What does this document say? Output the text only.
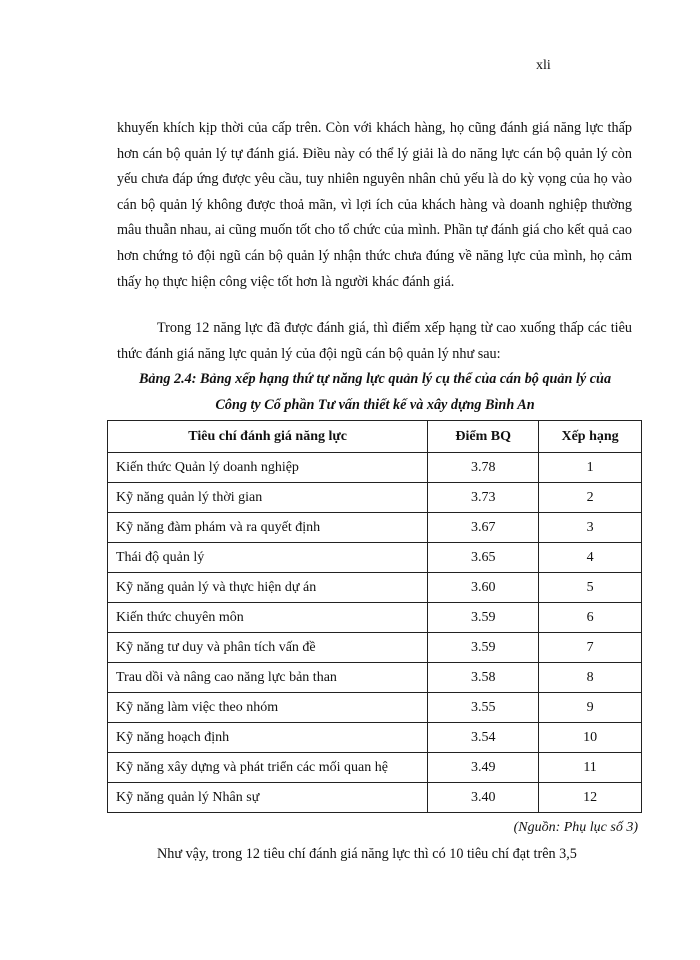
xli

khuyến khích kịp thời của cấp trên. Còn với khách hàng, họ cũng đánh giá năng lực thấp hơn cán bộ quản lý tự đánh giá. Điều này có thể lý giải là do năng lực cán bộ quản lý còn yếu chưa đáp ứng được yêu cầu, tuy nhiên nguyên nhân chủ yếu là do kỳ vọng của họ vào cán bộ quản lý không được thoả mãn, vì lợi ích của khách hàng và doanh nghiệp thường mâu thuẫn nhau, ai cũng muốn tốt cho tổ chức của mình. Phần tự đánh giá cho kết quả cao hơn chứng tỏ đội ngũ cán bộ quản lý nhận thức chưa đúng về năng lực của mình, họ cảm thấy họ thực hiện công việc tốt hơn là người khác đánh giá.

Trong 12 năng lực đã được đánh giá, thì điểm xếp hạng từ cao xuống thấp các tiêu thức đánh giá năng lực quản lý của đội ngũ cán bộ quản lý như sau:

Bảng 2.4: Bảng xếp hạng thứ tự năng lực quản lý cụ thể của cán bộ quản lý của

Công ty Cổ phần Tư vấn thiết kế và xây dựng Bình An

Tiêu chí đánh giá năng lực	Điểm BQ	Xếp hạng
Kiến thức Quản lý doanh nghiệp	3.78	1
Kỹ năng quản lý thời gian	3.73	2
Kỹ năng đàm phám và ra quyết định	3.67	3
Thái độ quản lý	3.65	4
Kỹ năng quản lý và thực hiện dự án	3.60	5
Kiến thức chuyên môn	3.59	6
Kỹ năng tư duy và phân tích vấn đề	3.59	7
Trau dồi và nâng cao năng lực bản than	3.58	8
Kỹ năng làm việc theo nhóm	3.55	9
Kỹ năng hoạch định	3.54	10
Kỹ năng xây dựng và phát triển các mối quan hệ	3.49	11
Kỹ năng quản lý Nhân sự	3.40	12
(Nguồn: Phụ lục số 3)

Như vậy, trong 12 tiêu chí đánh giá năng lực thì có 10 tiêu chí đạt trên 3,5
